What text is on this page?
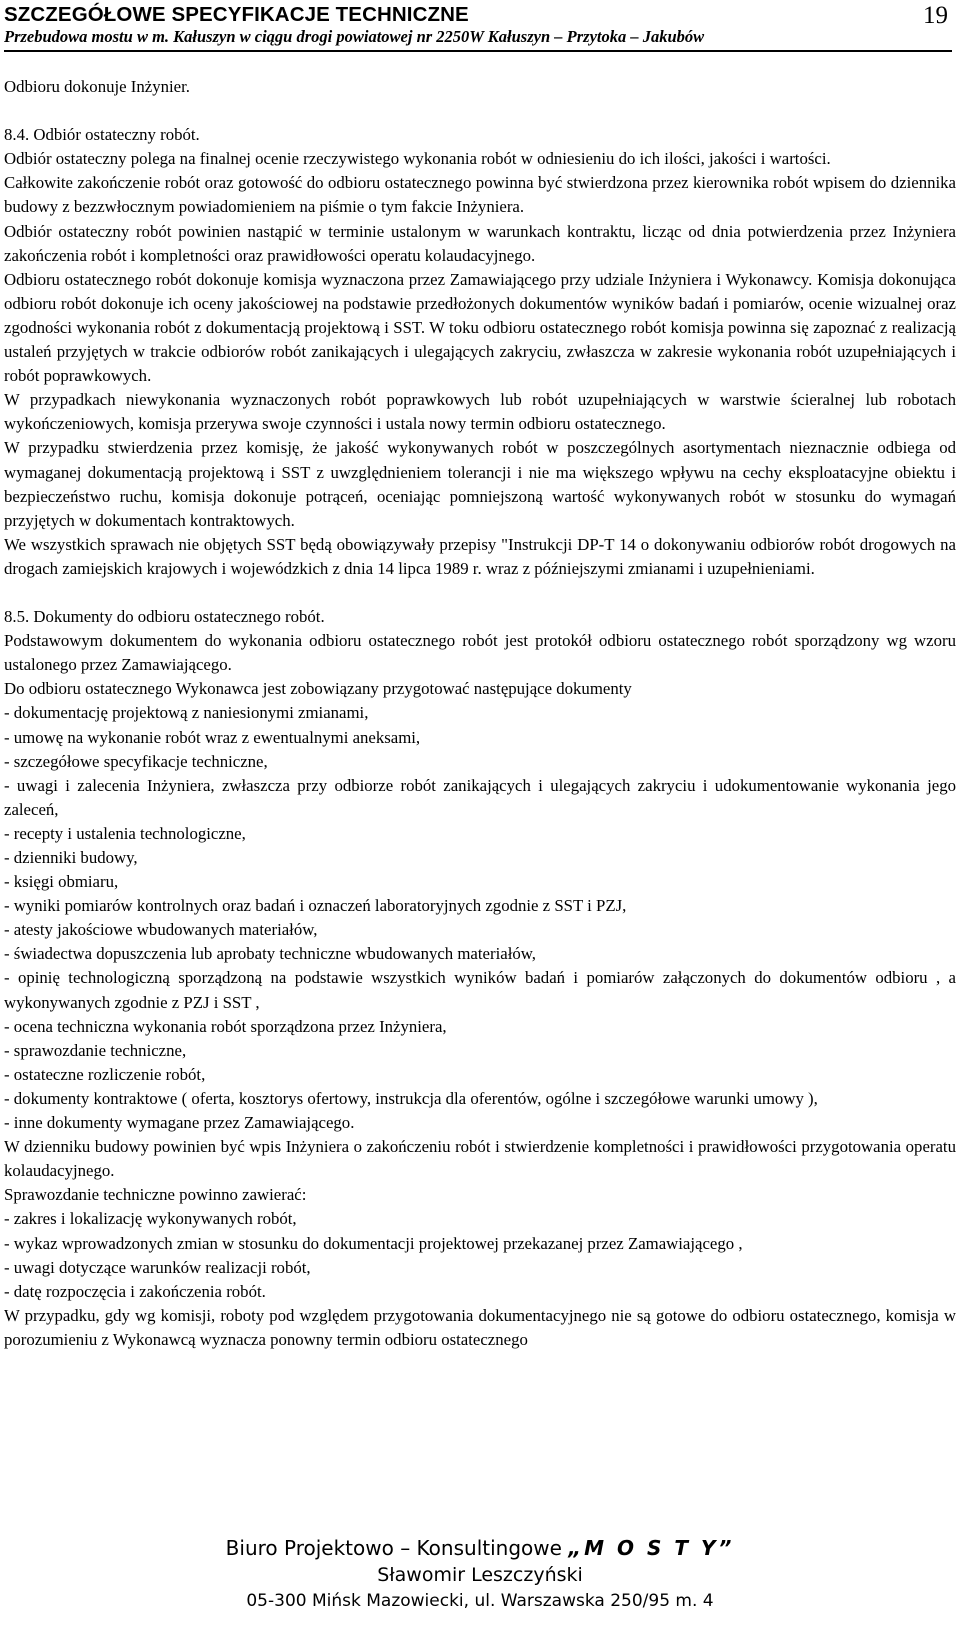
SZCZEGÓŁOWE SPECYFIKACJE TECHNICZNE
Przebudowa mostu w m. Kałuszyn w ciągu drogi powiatowej nr 2250W Kałuszyn – Przytoka – Jakubów
19

Odbioru dokonuje Inżynier.

8.4. Odbiór ostateczny robót.

Odbiór ostateczny polega na finalnej ocenie rzeczywistego wykonania robót w odniesieniu do ich ilości, jakości i wartości.

Całkowite zakończenie robót oraz gotowość do odbioru ostatecznego powinna być stwierdzona przez kierownika robót wpisem do dziennika budowy z bezzwłocznym powiadomieniem na piśmie o tym fakcie Inżyniera.

Odbiór ostateczny robót powinien nastąpić w terminie ustalonym w warunkach kontraktu, licząc od dnia potwierdzenia przez Inżyniera zakończenia robót i kompletności oraz prawidłowości operatu kolaudacyjnego.

Odbioru ostatecznego robót dokonuje komisja wyznaczona przez Zamawiającego przy udziale Inżyniera i Wykonawcy. Komisja dokonująca odbioru robót dokonuje ich oceny jakościowej na podstawie przedłożonych dokumentów wyników badań i pomiarów, ocenie wizualnej oraz zgodności wykonania robót z dokumentacją projektową i SST. W toku odbioru ostatecznego robót komisja powinna się zapoznać z realizacją ustaleń przyjętych w trakcie odbiorów robót zanikających i ulegających zakryciu, zwłaszcza w zakresie wykonania robót uzupełniających i robót poprawkowych.

W przypadkach niewykonania wyznaczonych robót poprawkowych lub robót uzupełniających w warstwie ścieralnej lub robotach wykończeniowych, komisja przerywa swoje czynności i ustala nowy termin odbioru ostatecznego.

W przypadku stwierdzenia przez komisję, że jakość wykonywanych robót w poszczególnych asortymentach nieznacznie odbiega od wymaganej dokumentacją projektową i SST z uwzględnieniem tolerancji i nie ma większego wpływu na cechy eksploatacyjne obiektu i bezpieczeństwo ruchu, komisja dokonuje potrąceń, oceniając pomniejszoną wartość wykonywanych robót w stosunku do wymagań przyjętych w dokumentach kontraktowych.

We wszystkich sprawach nie objętych SST będą obowiązywały przepisy "Instrukcji DP-T 14 o dokonywaniu odbiorów robót drogowych na drogach zamiejskich krajowych i wojewódzkich z dnia 14 lipca 1989 r. wraz z późniejszymi zmianami i uzupełnieniami.

8.5. Dokumenty do odbioru ostatecznego robót.

Podstawowym dokumentem do wykonania odbioru ostatecznego robót jest protokół odbioru ostatecznego robót sporządzony wg wzoru ustalonego przez Zamawiającego.

Do odbioru ostatecznego Wykonawca jest zobowiązany przygotować następujące dokumenty

- dokumentację projektową z naniesionymi zmianami,

- umowę na wykonanie robót wraz z ewentualnymi aneksami,

- szczegółowe specyfikacje techniczne,

- uwagi i zalecenia Inżyniera, zwłaszcza przy odbiorze robót zanikających i ulegających zakryciu i udokumentowanie wykonania jego zaleceń,

- recepty i ustalenia technologiczne,

- dzienniki budowy,

- księgi obmiaru,

- wyniki pomiarów kontrolnych oraz badań i oznaczeń laboratoryjnych zgodnie z SST i PZJ,

- atesty jakościowe wbudowanych materiałów,

- świadectwa dopuszczenia lub aprobaty techniczne wbudowanych materiałów,

- opinię technologiczną sporządzoną na podstawie wszystkich wyników badań i pomiarów załączonych do dokumentów odbioru , a wykonywanych zgodnie z PZJ i SST ,

- ocena techniczna wykonania robót sporządzona przez Inżyniera,

- sprawozdanie techniczne,

- ostateczne rozliczenie robót,

- dokumenty kontraktowe ( oferta, kosztorys ofertowy, instrukcja dla oferentów, ogólne i szczegółowe warunki umowy ),

- inne dokumenty wymagane przez Zamawiającego.

W dzienniku budowy powinien być wpis Inżyniera o zakończeniu robót i stwierdzenie kompletności i prawidłowości przygotowania operatu kolaudacyjnego.

Sprawozdanie techniczne powinno zawierać:

- zakres i lokalizację wykonywanych robót,

- wykaz wprowadzonych zmian w stosunku do dokumentacji projektowej przekazanej przez Zamawiającego ,

- uwagi dotyczące warunków realizacji robót,

- datę rozpoczęcia i zakończenia robót.

W przypadku, gdy wg komisji, roboty pod względem przygotowania dokumentacyjnego nie są gotowe do odbioru ostatecznego, komisja w porozumieniu z Wykonawcą wyznacza ponowny termin odbioru ostatecznego

Biuro Projektowo – Konsultingowe „M O S T Y”
Sławomir Leszczyński
05-300 Mińsk Mazowiecki, ul. Warszawska 250/95 m. 4
